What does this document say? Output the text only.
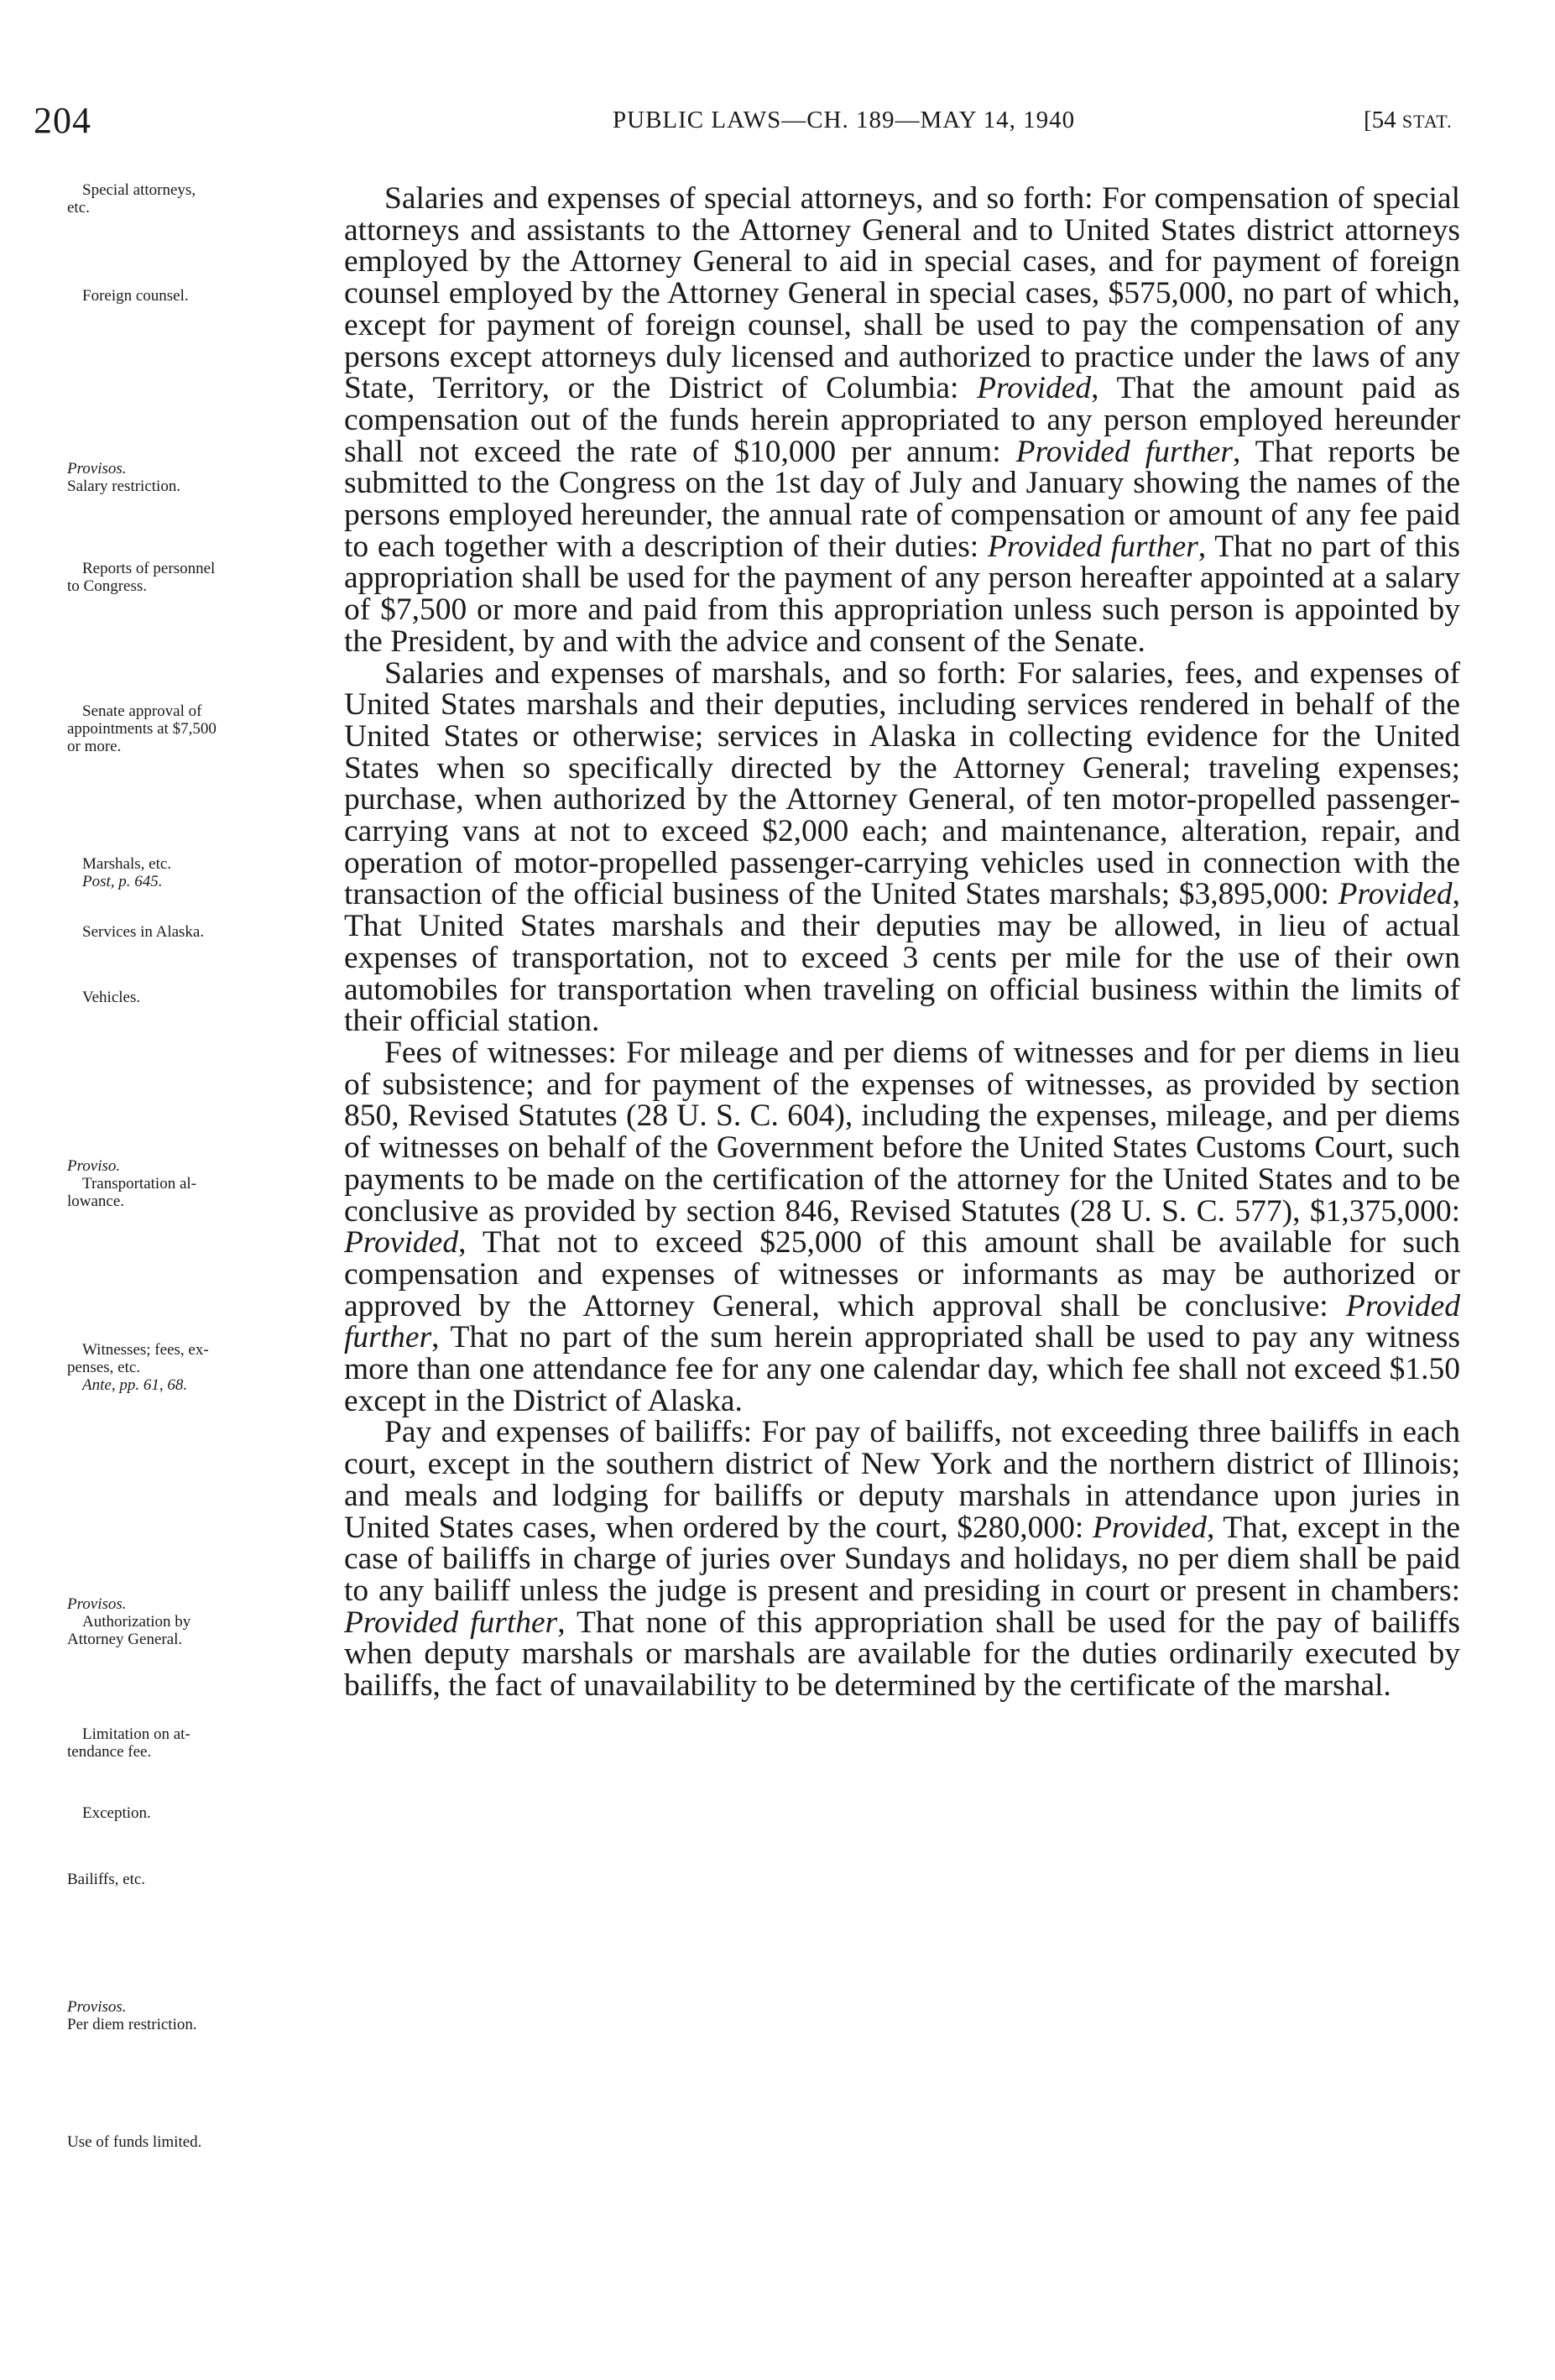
204	PUBLIC LAWS—CH. 189—MAY 14, 1940	[54 STAT.
Special attorneys,
etc.
Foreign counsel.
Provisos.
Salary restriction.
Reports of personnel
to Congress.
Senate approval of
appointments at $7,500
or more.
Marshals, etc.
Post, p. 645.
Services in Alaska.
Vehicles.
Proviso.
Transportation al-
lowance.
Witnesses; fees, ex-
penses, etc.
Ante, pp. 61, 68.
Provisos.
Authorization by
Attorney General.
Limitation on at-
tendance fee.
Exception.
Bailiffs, etc.
Provisos.
Per diem restriction.
Use of funds limited.

Salaries and expenses of special attorneys, and so forth: For compensation of special attorneys and assistants to the Attorney General and to United States district attorneys employed by the Attorney General to aid in special cases, and for payment of foreign counsel employed by the Attorney General in special cases, $575,000, no part of which, except for payment of foreign counsel, shall be used to pay the compensation of any persons except attorneys duly licensed and authorized to practice under the laws of any State, Territory, or the District of Columbia: Provided, That the amount paid as compensation out of the funds herein appropriated to any person employed hereunder shall not exceed the rate of $10,000 per annum: Provided further, That reports be submitted to the Congress on the 1st day of July and January showing the names of the persons employed hereunder, the annual rate of compensation or amount of any fee paid to each together with a description of their duties: Provided further, That no part of this appropriation shall be used for the payment of any person hereafter appointed at a salary of $7,500 or more and paid from this appropriation unless such person is appointed by the President, by and with the advice and consent of the Senate.

Salaries and expenses of marshals, and so forth: For salaries, fees, and expenses of United States marshals and their deputies, including services rendered in behalf of the United States or otherwise; services in Alaska in collecting evidence for the United States when so specifically directed by the Attorney General; traveling expenses; purchase, when authorized by the Attorney General, of ten motor-propelled passenger-carrying vans at not to exceed $2,000 each; and maintenance, alteration, repair, and operation of motor-propelled passenger-carrying vehicles used in connection with the transaction of the official business of the United States marshals; $3,895,000: Provided, That United States marshals and their deputies may be allowed, in lieu of actual expenses of transportation, not to exceed 3 cents per mile for the use of their own automobiles for transportation when traveling on official business within the limits of their official station.

Fees of witnesses: For mileage and per diems of witnesses and for per diems in lieu of subsistence; and for payment of the expenses of witnesses, as provided by section 850, Revised Statutes (28 U. S. C. 604), including the expenses, mileage, and per diems of witnesses on behalf of the Government before the United States Customs Court, such payments to be made on the certification of the attorney for the United States and to be conclusive as provided by section 846, Revised Statutes (28 U. S. C. 577), $1,375,000: Provided, That not to exceed $25,000 of this amount shall be available for such compensation and expenses of witnesses or informants as may be authorized or approved by the Attorney General, which approval shall be conclusive: Provided further, That no part of the sum herein appropriated shall be used to pay any witness more than one attendance fee for any one calendar day, which fee shall not exceed $1.50 except in the District of Alaska.

Pay and expenses of bailiffs: For pay of bailiffs, not exceeding three bailiffs in each court, except in the southern district of New York and the northern district of Illinois; and meals and lodging for bailiffs or deputy marshals in attendance upon juries in United States cases, when ordered by the court, $280,000: Provided, That, except in the case of bailiffs in charge of juries over Sundays and holidays, no per diem shall be paid to any bailiff unless the judge is present and presiding in court or present in chambers: Provided further, That none of this appropriation shall be used for the pay of bailiffs when deputy marshals or marshals are available for the duties ordinarily executed by bailiffs, the fact of unavailability to be determined by the certificate of the marshal.
